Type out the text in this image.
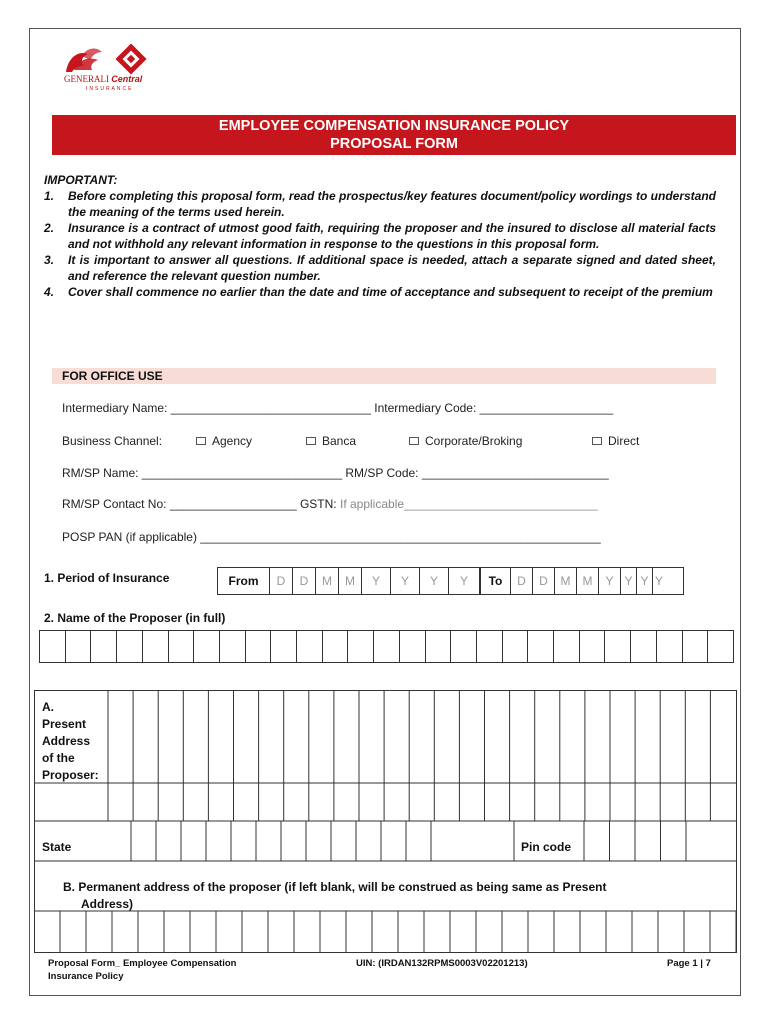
GENERALI Central
INSURANCE
EMPLOYEE COMPENSATION INSURANCE POLICY
PROPOSAL FORM
IMPORTANT:
1. Before completing this proposal form, read the prospectus/key features document/policy wordings to understand the meaning of the terms used herein.
2. Insurance is a contract of utmost good faith, requiring the proposer and the insured to disclose all material facts and not withhold any relevant information in response to the questions in this proposal form.
3. It is important to answer all questions. If additional space is needed, attach a separate signed and dated sheet, and reference the relevant question number.
4. Cover shall commence no earlier than the date and time of acceptance and subsequent to receipt of the premium
FOR OFFICE USE
Intermediary Name: ______________________________ Intermediary Code: ____________________
Business Channel:	Agency	Banca	Corporate/Broking	Direct
RM/SP Name: ______________________________ RM/SP Code: ____________________________
RM/SP Contact No: ___________________ GSTN: If applicable_____________________________
POSP PAN (if applicable) ____________________________________________________________
1. Period of Insurance	From	D	D	M	M	Y	Y	Y	Y	To	D	D	M	M	Y Y Y Y
2. Name of the Proposer (in full)

A.
Present
Address
of the
Proposer:
State	Pin code
B. Permanent address of the proposer (if left blank, will be construed as being same as Present
Address)
Proposal Form_ Employee Compensation
Insurance Policy
UIN: (IRDAN132RPMS0003V02201213)	Page 1 | 7
